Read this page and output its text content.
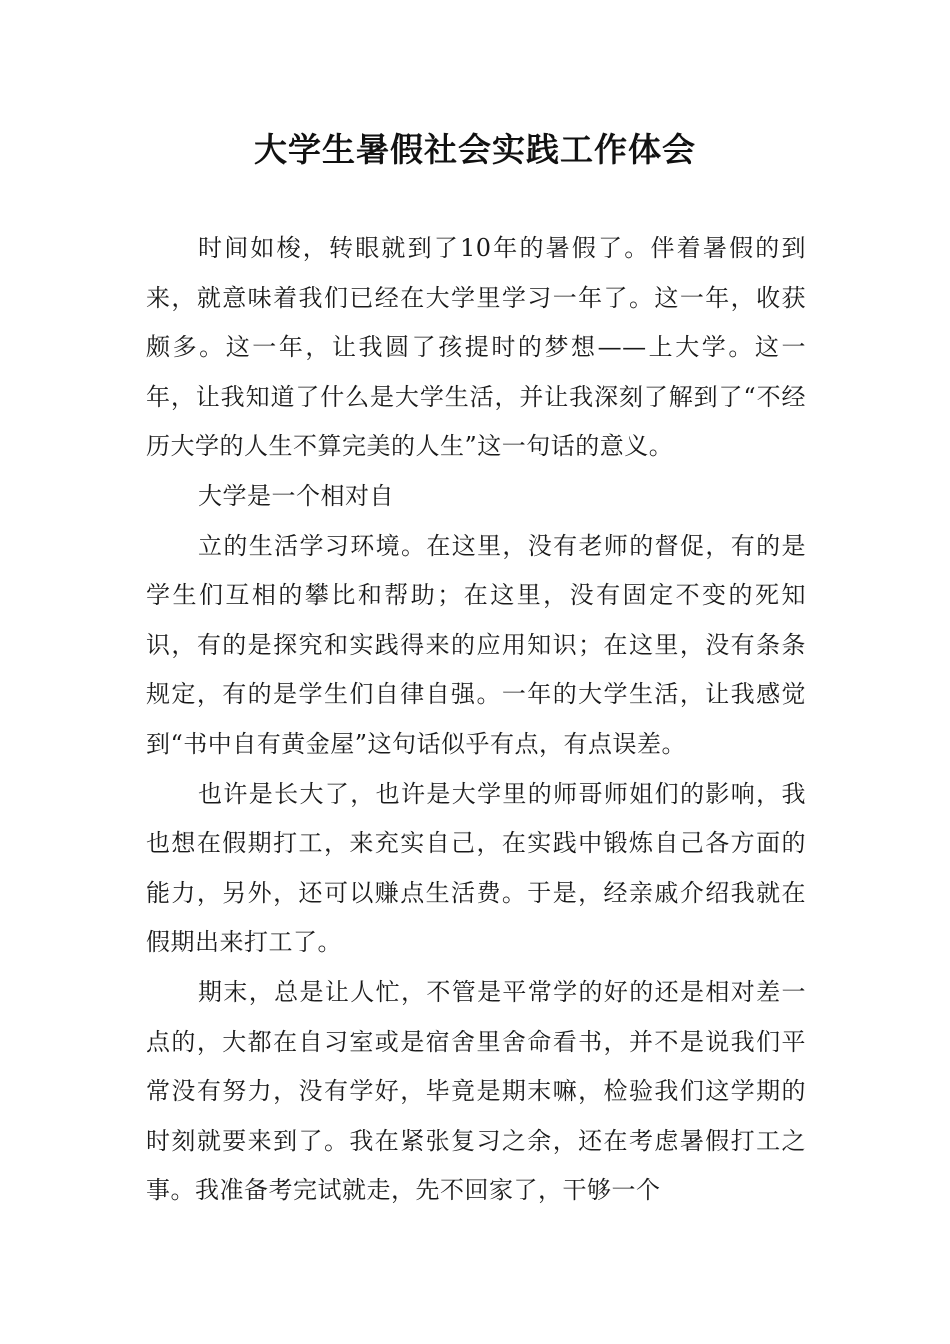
大学生暑假社会实践工作体会

时间如梭，转眼就到了10年的暑假了。伴着暑假的到来，就意味着我们已经在大学里学习一年了。这一年，收获颇多。这一年，让我圆了孩提时的梦想——上大学。这一年，让我知道了什么是大学生活，并让我深刻了解到了“不经历大学的人生不算完美的人生”这一句话的意义。

大学是一个相对自

立的生活学习环境。在这里，没有老师的督促，有的是学生们互相的攀比和帮助；在这里，没有固定不变的死知识，有的是探究和实践得来的应用知识；在这里，没有条条规定，有的是学生们自律自强。一年的大学生活，让我感觉到“书中自有黄金屋”这句话似乎有点，有点误差。

也许是长大了，也许是大学里的师哥师姐们的影响，我也想在假期打工，来充实自己，在实践中锻炼自己各方面的能力，另外，还可以赚点生活费。于是，经亲戚介绍我就在假期出来打工了。

期末，总是让人忙，不管是平常学的好的还是相对差一点的，大都在自习室或是宿舍里舍命看书，并不是说我们平常没有努力，没有学好，毕竟是期末嘛，检验我们这学期的时刻就要来到了。我在紧张复习之余，还在考虑暑假打工之事。我准备考完试就走，先不回家了，干够一个
